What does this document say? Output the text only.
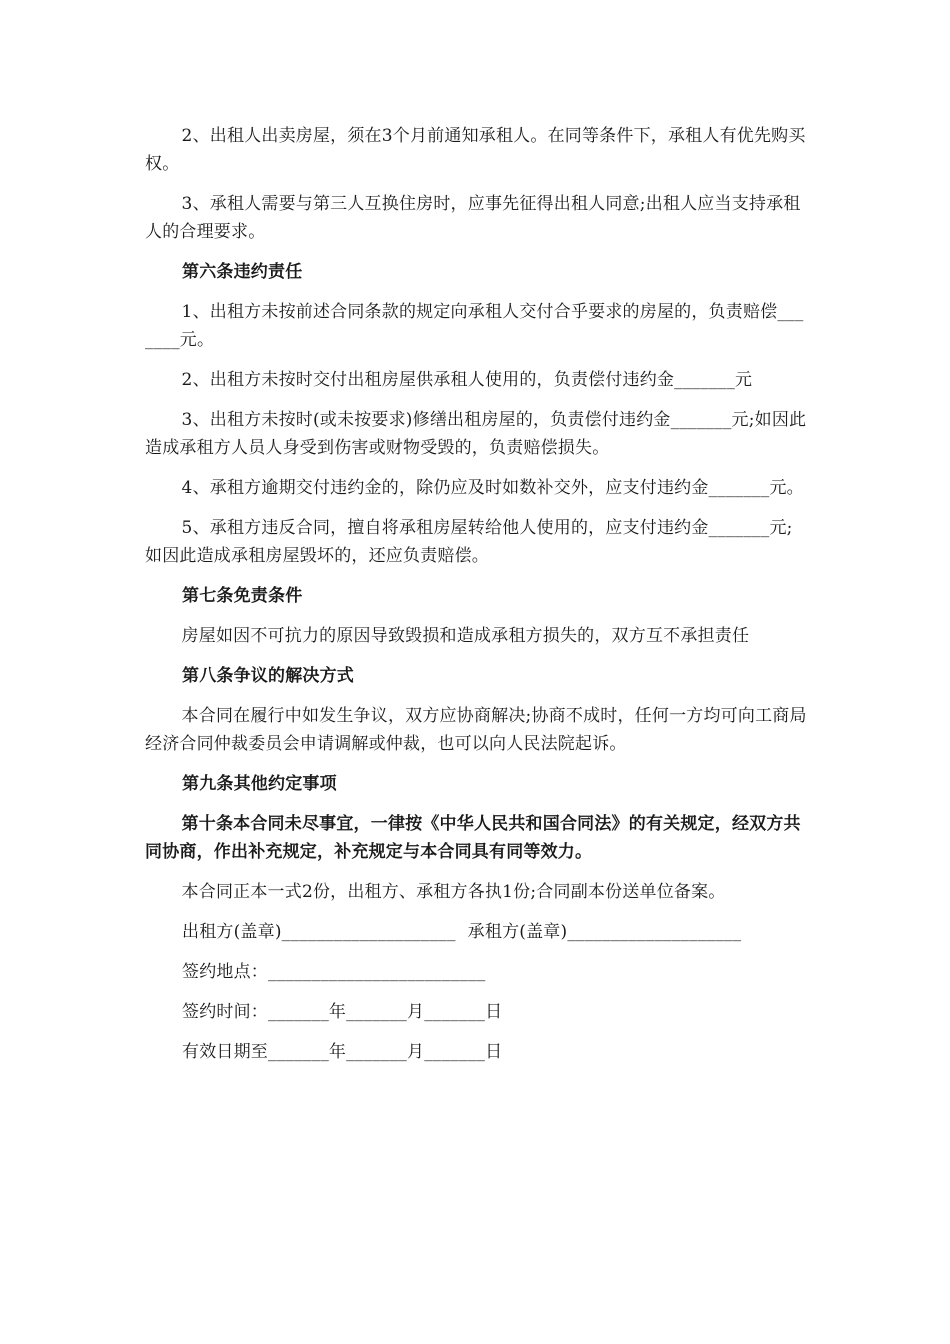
2、出租人出卖房屋，须在3个月前通知承租人。在同等条件下，承租人有优先购买权。

3、承租人需要与第三人互换住房时，应事先征得出租人同意;出租人应当支持承租人的合理要求。

第六条违约责任

1、出租方未按前述合同条款的规定向承租人交付合乎要求的房屋的，负责赔偿_______元。

2、出租方未按时交付出租房屋供承租人使用的，负责偿付违约金_______元

3、出租方未按时(或未按要求)修缮出租房屋的，负责偿付违约金_______元;如因此造成承租方人员人身受到伤害或财物受毁的，负责赔偿损失。

4、承租方逾期交付违约金的，除仍应及时如数补交外，应支付违约金_______元。

5、承租方违反合同，擅自将承租房屋转给他人使用的，应支付违约金_______元;如因此造成承租房屋毁坏的，还应负责赔偿。

第七条免责条件

房屋如因不可抗力的原因导致毁损和造成承租方损失的，双方互不承担责任

第八条争议的解决方式

本合同在履行中如发生争议，双方应协商解决;协商不成时，任何一方均可向工商局经济合同仲裁委员会申请调解或仲裁，也可以向人民法院起诉。

第九条其他约定事项

第十条本合同未尽事宜，一律按《中华人民共和国合同法》的有关规定，经双方共同协商，作出补充规定，补充规定与本合同具有同等效力。

本合同正本一式2份，出租方、承租方各执1份;合同副本份送单位备案。

出租方(盖章)____________________ 承租方(盖章)____________________

签约地点：_________________________

签约时间：_______年_______月_______日

有效日期至_______年_______月_______日
